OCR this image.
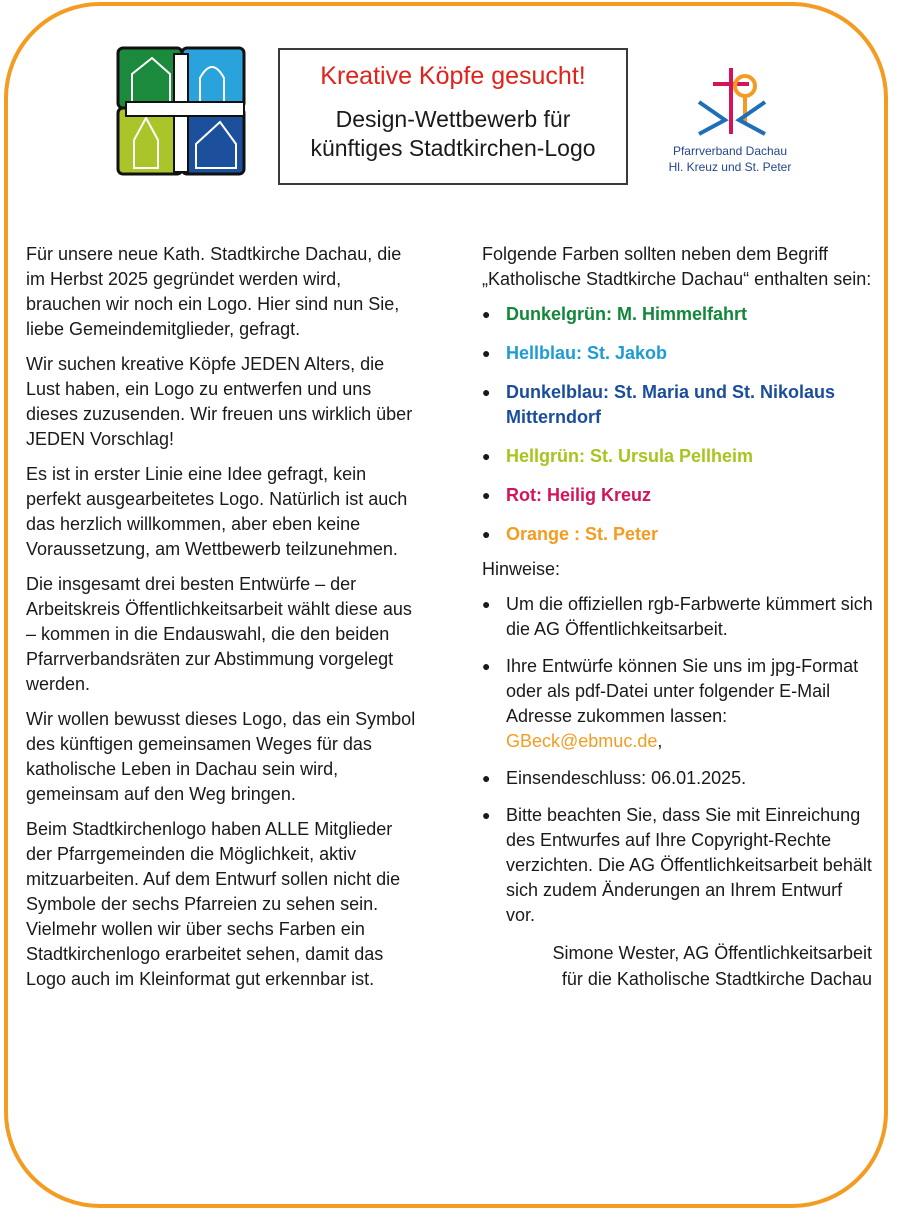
Kreative Köpfe gesucht!
Design-Wettbewerb für
künftiges Stadtkirchen-Logo	Pfarrverband Dachau
Hl. Kreuz und St. Peter

Für unsere neue Kath. Stadtkirche Dachau, die im Herbst 2025 gegründet werden wird, brauchen wir noch ein Logo. Hier sind nun Sie, liebe Gemeindemitglieder, gefragt.

Wir suchen kreative Köpfe JEDEN Alters, die Lust haben, ein Logo zu entwerfen und uns dieses zuzusenden. Wir freuen uns wirklich über JEDEN Vorschlag!

Es ist in erster Linie eine Idee gefragt, kein perfekt ausgearbeitetes Logo. Natürlich ist auch das herzlich willkommen, aber eben keine Voraussetzung, am Wettbewerb teilzunehmen.

Die insgesamt drei besten Entwürfe – der Arbeitskreis Öffentlichkeitsarbeit wählt diese aus – kommen in die Endauswahl, die den beiden Pfarrverbandsräten zur Abstimmung vorgelegt werden.

Wir wollen bewusst dieses Logo, das ein Symbol des künftigen gemeinsamen Weges für das katholische Leben in Dachau sein wird, gemeinsam auf den Weg bringen.

Beim Stadtkirchenlogo haben ALLE Mitglieder der Pfarrgemeinden die Möglichkeit, aktiv mitzuarbeiten. Auf dem Entwurf sollen nicht die Symbole der sechs Pfarreien zu sehen sein. Vielmehr wollen wir über sechs Farben ein Stadtkirchenlogo erarbeitet sehen, damit das Logo auch im Kleinformat gut erkennbar ist.

Folgende Farben sollten neben dem Begriff „Katholische Stadtkirche Dachau“ enthalten sein:

● Dunkelgrün: M. Himmelfahrt
● Hellblau: St. Jakob
● Dunkelblau: St. Maria und St. Nikolaus Mitterndorf
● Hellgrün: St. Ursula Pellheim
● Rot: Heilig Kreuz
● Orange : St. Peter

Hinweise:

● Um die offiziellen rgb-Farbwerte kümmert sich die AG Öffentlichkeitsarbeit.
● Ihre Entwürfe können Sie uns im jpg-Format oder als pdf-Datei unter folgender E-Mail Adresse zukommen lassen: GBeck@ebmuc.de,
● Einsendeschluss: 06.01.2025.
● Bitte beachten Sie, dass Sie mit Einreichung des Entwurfes auf Ihre Copyright-Rechte verzichten. Die AG Öffentlichkeitsarbeit behält sich zudem Änderungen an Ihrem Entwurf vor.
Simone Wester, AG Öffentlichkeitsarbeit
für die Katholische Stadtkirche Dachau
